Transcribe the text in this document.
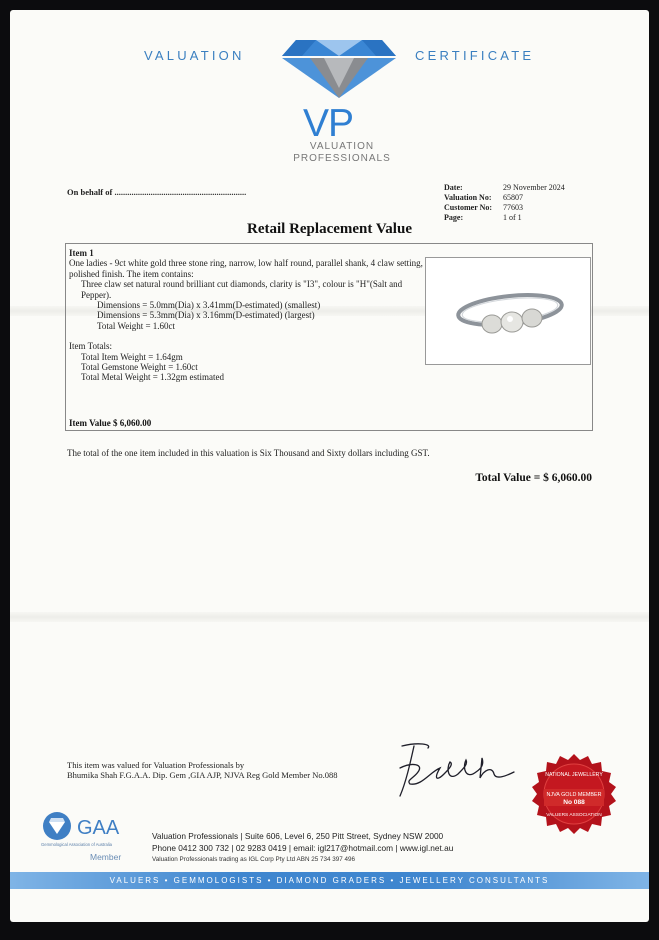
VALUATION	CERTIFICATE
VP
VALUATION
PROFESSIONALS
On behalf of ..............................................................	Date:	29 November 2024
Valuation No:	65807
Customer No:	77603
Page:	1 of 1
Retail Replacement Value
Item 1
One ladies - 9ct white gold three stone ring, narrow, low half round, parallel shank, 4 claw setting, polished finish. The item contains:
Three claw set natural round brilliant cut diamonds, clarity is "I3", colour is "H"(Salt and Pepper).
Dimensions = 5.0mm(Dia) x 3.41mm(D-estimated) (smallest)
Dimensions = 5.3mm(Dia) x 3.16mm(D-estimated) (largest)
Total Weight = 1.60ct
Item Totals:
Total Item Weight = 1.64gm
Total Gemstone Weight = 1.60ct
Total Metal Weight = 1.32gm estimated
Item Value $ 6,060.00
The total of the one item included in this valuation is Six Thousand and Sixty dollars including GST.
Total Value = $ 6,060.00
This item was valued for Valuation Professionals by
Bhumika Shah F.G.A.A. Dip. Gem ,GIA AJP, NJVA Reg Gold Member No.088	NATIONAL JEWELLERY
NJVA GOLD MEMBER
No 088
VALUERS ASSOCIATION
GAA
Gemmological Association of Australia
Member
Valuation Professionals | Suite 606, Level 6, 250 Pitt Street, Sydney NSW 2000
Phone 0412 300 732 | 02 9283 0419 | email: igl217@hotmail.com | www.igl.net.au
Valuation Professionals trading as IGL Corp Pty Ltd ABN 25 734 397 496
VALUERS • GEMMOLOGISTS • DIAMOND GRADERS • JEWELLERY CONSULTANTS
